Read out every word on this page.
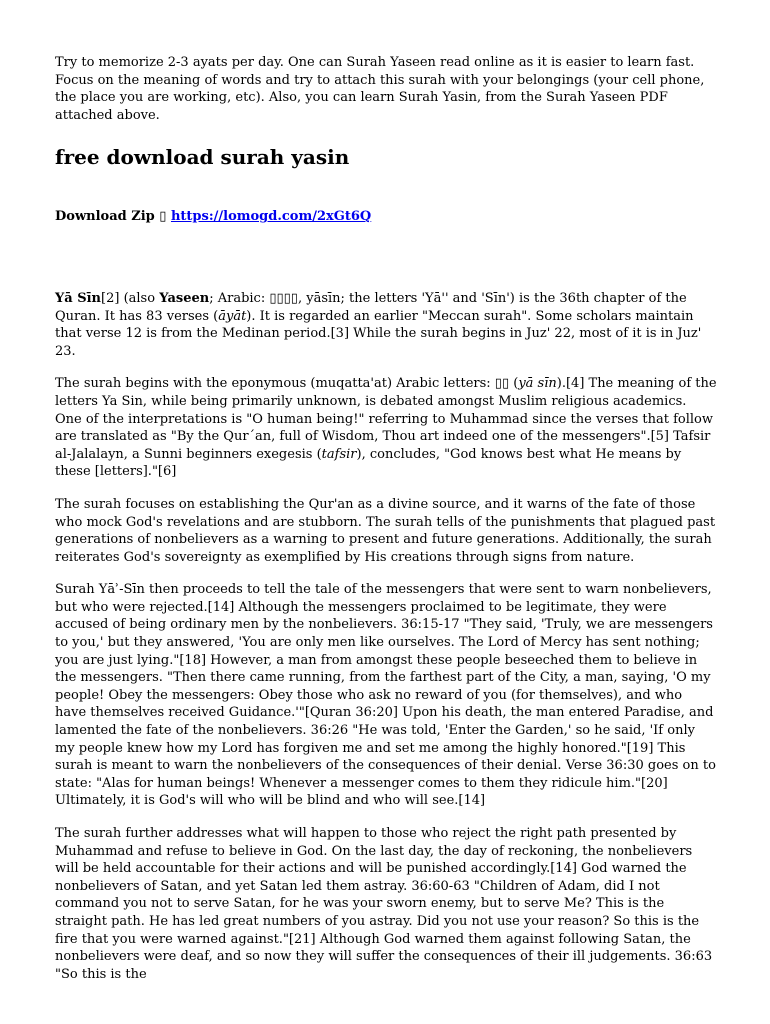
Try to memorize 2-3 ayats per day. One can Surah Yaseen read online as it is easier to learn fast. Focus on the meaning of words and try to attach this surah with your belongings (your cell phone, the place you are working, etc). Also, you can learn Surah Yasin, from the Surah Yaseen PDF attached above.

free download surah yasin

Download Zip ▯ https://lomogd.com/2xGt6Q

Yā Sīn[2] (also Yaseen; Arabic: ▯▯▯▯, yāsīn; the letters 'Yā'' and 'Sīn') is the 36th chapter of the Quran. It has 83 verses (āyāt). It is regarded an earlier "Meccan surah". Some scholars maintain that verse 12 is from the Medinan period.[3] While the surah begins in Juz' 22, most of it is in Juz' 23.

The surah begins with the eponymous (muqatta'at) Arabic letters: ▯▯ (yā sīn).[4] The meaning of the letters Ya Sin, while being primarily unknown, is debated amongst Muslim religious academics. One of the interpretations is "O human being!" referring to Muhammad since the verses that follow are translated as "By the Qur´an, full of Wisdom, Thou art indeed one of the messengers".[5] Tafsir al-Jalalayn, a Sunni beginners exegesis (tafsir), concludes, "God knows best what He means by these [letters]."[6]

The surah focuses on establishing the Qur'an as a divine source, and it warns of the fate of those who mock God's revelations and are stubborn. The surah tells of the punishments that plagued past generations of nonbelievers as a warning to present and future generations. Additionally, the surah reiterates God's sovereignty as exemplified by His creations through signs from nature.

Surah Yāʾ-Sīn then proceeds to tell the tale of the messengers that were sent to warn nonbelievers, but who were rejected.[14] Although the messengers proclaimed to be legitimate, they were accused of being ordinary men by the nonbelievers. 36:15-17 "They said, 'Truly, we are messengers to you,' but they answered, 'You are only men like ourselves. The Lord of Mercy has sent nothing; you are just lying."[18] However, a man from amongst these people beseeched them to believe in the messengers. "Then there came running, from the farthest part of the City, a man, saying, 'O my people! Obey the messengers: Obey those who ask no reward of you (for themselves), and who have themselves received Guidance.'"[Quran 36:20] Upon his death, the man entered Paradise, and lamented the fate of the nonbelievers. 36:26 "He was told, 'Enter the Garden,' so he said, 'If only my people knew how my Lord has forgiven me and set me among the highly honored."[19] This surah is meant to warn the nonbelievers of the consequences of their denial. Verse 36:30 goes on to state: "Alas for human beings! Whenever a messenger comes to them they ridicule him."[20] Ultimately, it is God's will who will be blind and who will see.[14]

The surah further addresses what will happen to those who reject the right path presented by Muhammad and refuse to believe in God. On the last day, the day of reckoning, the nonbelievers will be held accountable for their actions and will be punished accordingly.[14] God warned the nonbelievers of Satan, and yet Satan led them astray. 36:60-63 "Children of Adam, did I not command you not to serve Satan, for he was your sworn enemy, but to serve Me? This is the straight path. He has led great numbers of you astray. Did you not use your reason? So this is the fire that you were warned against."[21] Although God warned them against following Satan, the nonbelievers were deaf, and so now they will suffer the consequences of their ill judgements. 36:63 "So this is the
